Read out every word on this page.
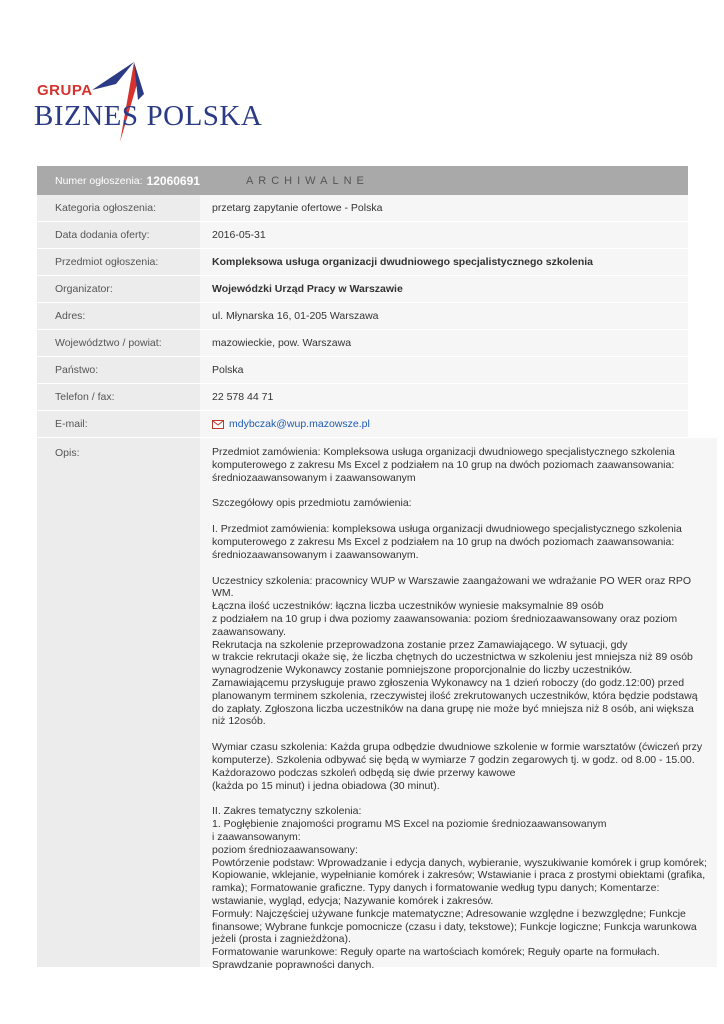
GRUPA
BIZNES POLSKA
Numer ogłoszenia: 12060691	ARCHIWALNE
Kategoria ogłoszenia:	przetarg zapytanie ofertowe - Polska
Data dodania oferty:	2016-05-31
Przedmiot ogłoszenia:	Kompleksowa usługa organizacji dwudniowego specjalistycznego szkolenia
Organizator:	Wojewódzki Urząd Pracy w Warszawie
Adres:	ul. Młynarska 16, 01-205 Warszawa
Województwo / powiat:	mazowieckie, pow. Warszawa
Państwo:	Polska
Telefon / fax:	22 578 44 71
E-mail:	mdybczak@wup.mazowsze.pl
Opis:	Przedmiot zamówienia: Kompleksowa usługa organizacji dwudniowego specjalistycznego szkolenia
komputerowego z zakresu Ms Excel z podziałem na 10 grup na dwóch poziomach zaawansowania:
średniozaawansowanym i zaawansowanym
Szczegółowy opis przedmiotu zamówienia:
I. Przedmiot zamówienia: kompleksowa usługa organizacji dwudniowego specjalistycznego szkolenia
komputerowego z zakresu Ms Excel z podziałem na 10 grup na dwóch poziomach zaawansowania:
średniozaawansowanym i zaawansowanym.
Uczestnicy szkolenia: pracownicy WUP w Warszawie zaangażowani we wdrażanie PO WER oraz RPO
WM.
Łączna ilość uczestników: łączna liczba uczestników wyniesie maksymalnie 89 osób
z podziałem na 10 grup i dwa poziomy zaawansowania: poziom średniozaawansowany oraz poziom
zaawansowany.
Rekrutacja na szkolenie przeprowadzona zostanie przez Zamawiającego. W sytuacji, gdy
w trakcie rekrutacji okaże się, że liczba chętnych do uczestnictwa w szkoleniu jest mniejsza niż 89 osób
wynagrodzenie Wykonawcy zostanie pomniejszone proporcjonalnie do liczby uczestników.
Zamawiającemu przysługuje prawo zgłoszenia Wykonawcy na 1 dzień roboczy (do godz.12:00) przed
planowanym terminem szkolenia, rzeczywistej ilość zrekrutowanych uczestników, która będzie podstawą
do zapłaty. Zgłoszona liczba uczestników na dana grupę nie może być mniejsza niż 8 osób, ani większa
niż 12osób.
Wymiar czasu szkolenia: Każda grupa odbędzie dwudniowe szkolenie w formie warsztatów (ćwiczeń przy
komputerze). Szkolenia odbywać się będą w wymiarze 7 godzin zegarowych tj. w godz. od 8.00 - 15.00.
Każdorazowo podczas szkoleń odbędą się dwie przerwy kawowe
(każda po 15 minut) i jedna obiadowa (30 minut).
II. Zakres tematyczny szkolenia:
1. Pogłębienie znajomości programu MS Excel na poziomie średniozaawansowanym
i zaawansowanym:
poziom średniozaawansowany:
Powtórzenie podstaw: Wprowadzanie i edycja danych, wybieranie, wyszukiwanie komórek i grup komórek;
Kopiowanie, wklejanie, wypełnianie komórek i zakresów; Wstawianie i praca z prostymi obiektami (grafika,
ramka); Formatowanie graficzne. Typy danych i formatowanie według typu danych; Komentarze:
wstawianie, wygląd, edycja; Nazywanie komórek i zakresów.
Formuły: Najczęściej używane funkcje matematyczne; Adresowanie względne i bezwzględne; Funkcje
finansowe; Wybrane funkcje pomocnicze (czasu i daty, tekstowe); Funkcje logiczne; Funkcja warunkowa
jeżeli (prosta i zagnieżdżona).
Formatowanie warunkowe: Reguły oparte na wartościach komórek; Reguły oparte na formułach.
Sprawdzanie poprawności danych.
